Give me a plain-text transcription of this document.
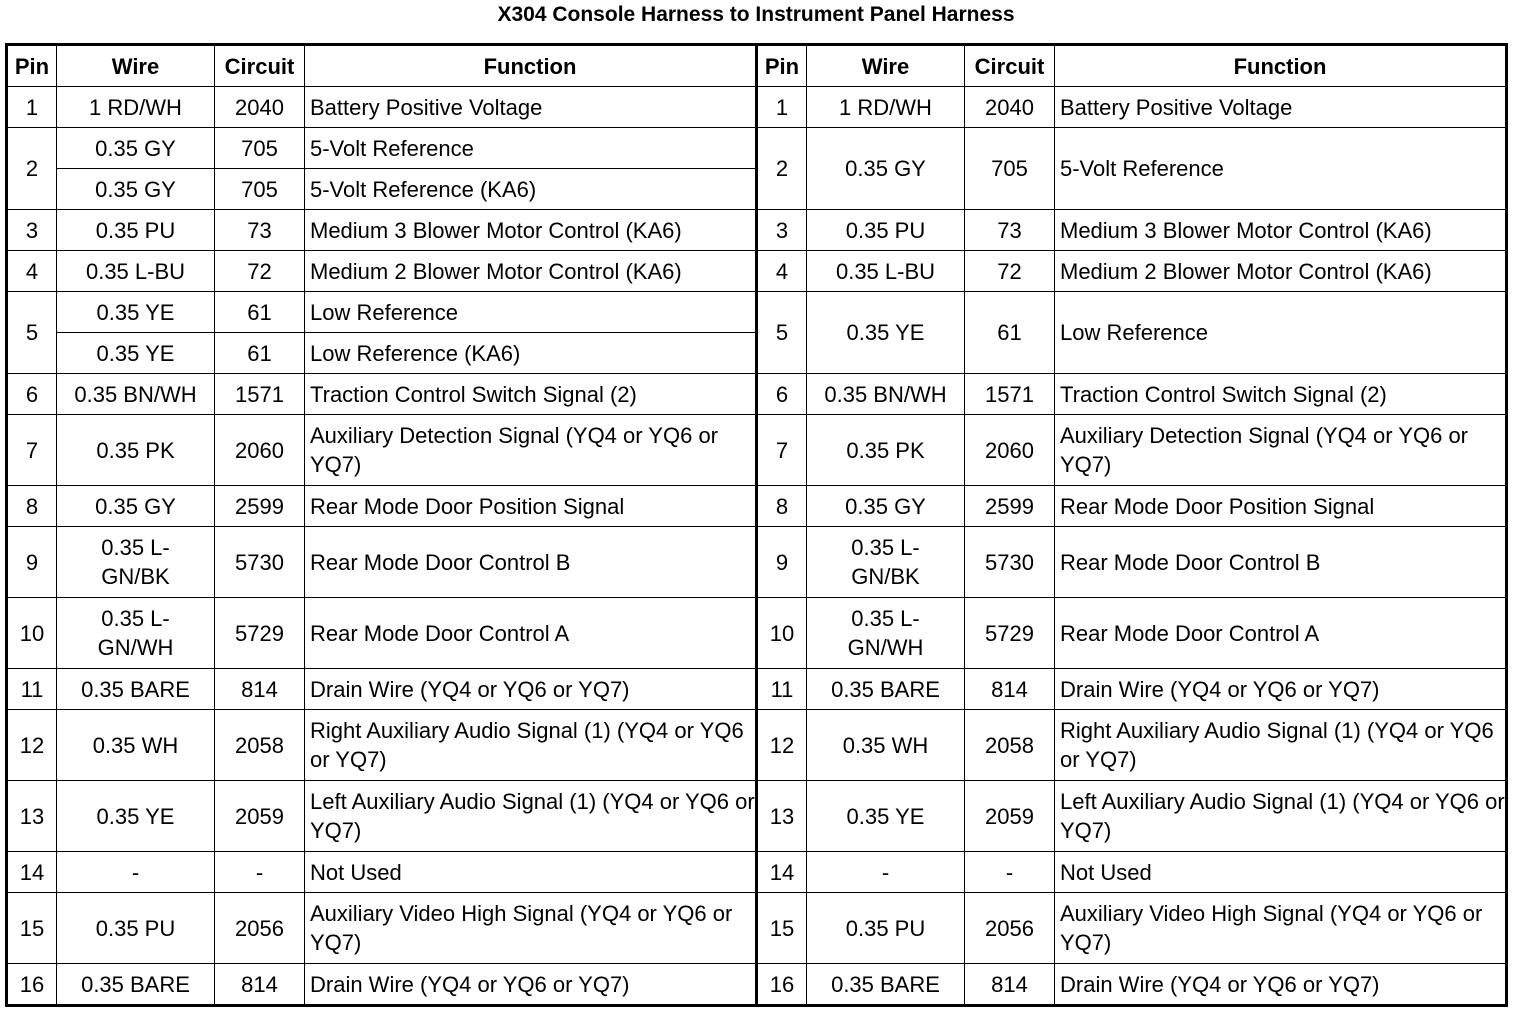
X304 Console Harness to Instrument Panel Harness
Pin	Wire	Circuit	Function	Pin	Wire	Circuit	Function
1	1 RD/WH	2040	Battery Positive Voltage	1	1 RD/WH	2040	Battery Positive Voltage
2	0.35 GY	705	5-Volt Reference	2	0.35 GY	705	5-Volt Reference
	0.35 GY	705	5-Volt Reference (KA6)				
3	0.35 PU	73	Medium 3 Blower Motor Control (KA6)	3	0.35 PU	73	Medium 3 Blower Motor Control (KA6)
4	0.35 L-BU	72	Medium 2 Blower Motor Control (KA6)	4	0.35 L-BU	72	Medium 2 Blower Motor Control (KA6)
5	0.35 YE	61	Low Reference	5	0.35 YE	61	Low Reference
	0.35 YE	61	Low Reference (KA6)				
6	0.35 BN/WH	1571	Traction Control Switch Signal (2)	6	0.35 BN/WH	1571	Traction Control Switch Signal (2)
7	0.35 PK	2060	Auxiliary Detection Signal (YQ4 or YQ6 or YQ7)	7	0.35 PK	2060	Auxiliary Detection Signal (YQ4 or YQ6 or YQ7)
8	0.35 GY	2599	Rear Mode Door Position Signal	8	0.35 GY	2599	Rear Mode Door Position Signal
9	0.35 L-GN/BK	5730	Rear Mode Door Control B	9	0.35 L-GN/BK	5730	Rear Mode Door Control B
10	0.35 L-GN/WH	5729	Rear Mode Door Control A	10	0.35 L-GN/WH	5729	Rear Mode Door Control A
11	0.35 BARE	814	Drain Wire (YQ4 or YQ6 or YQ7)	11	0.35 BARE	814	Drain Wire (YQ4 or YQ6 or YQ7)
12	0.35 WH	2058	Right Auxiliary Audio Signal (1) (YQ4 or YQ6 or YQ7)	12	0.35 WH	2058	Right Auxiliary Audio Signal (1) (YQ4 or YQ6 or YQ7)
13	0.35 YE	2059	Left Auxiliary Audio Signal (1) (YQ4 or YQ6 or YQ7)	13	0.35 YE	2059	Left Auxiliary Audio Signal (1) (YQ4 or YQ6 or YQ7)
14	-	-	Not Used	14	-	-	Not Used
15	0.35 PU	2056	Auxiliary Video High Signal (YQ4 or YQ6 or YQ7)	15	0.35 PU	2056	Auxiliary Video High Signal (YQ4 or YQ6 or YQ7)
16	0.35 BARE	814	Drain Wire (YQ4 or YQ6 or YQ7)	16	0.35 BARE	814	Drain Wire (YQ4 or YQ6 or YQ7)
